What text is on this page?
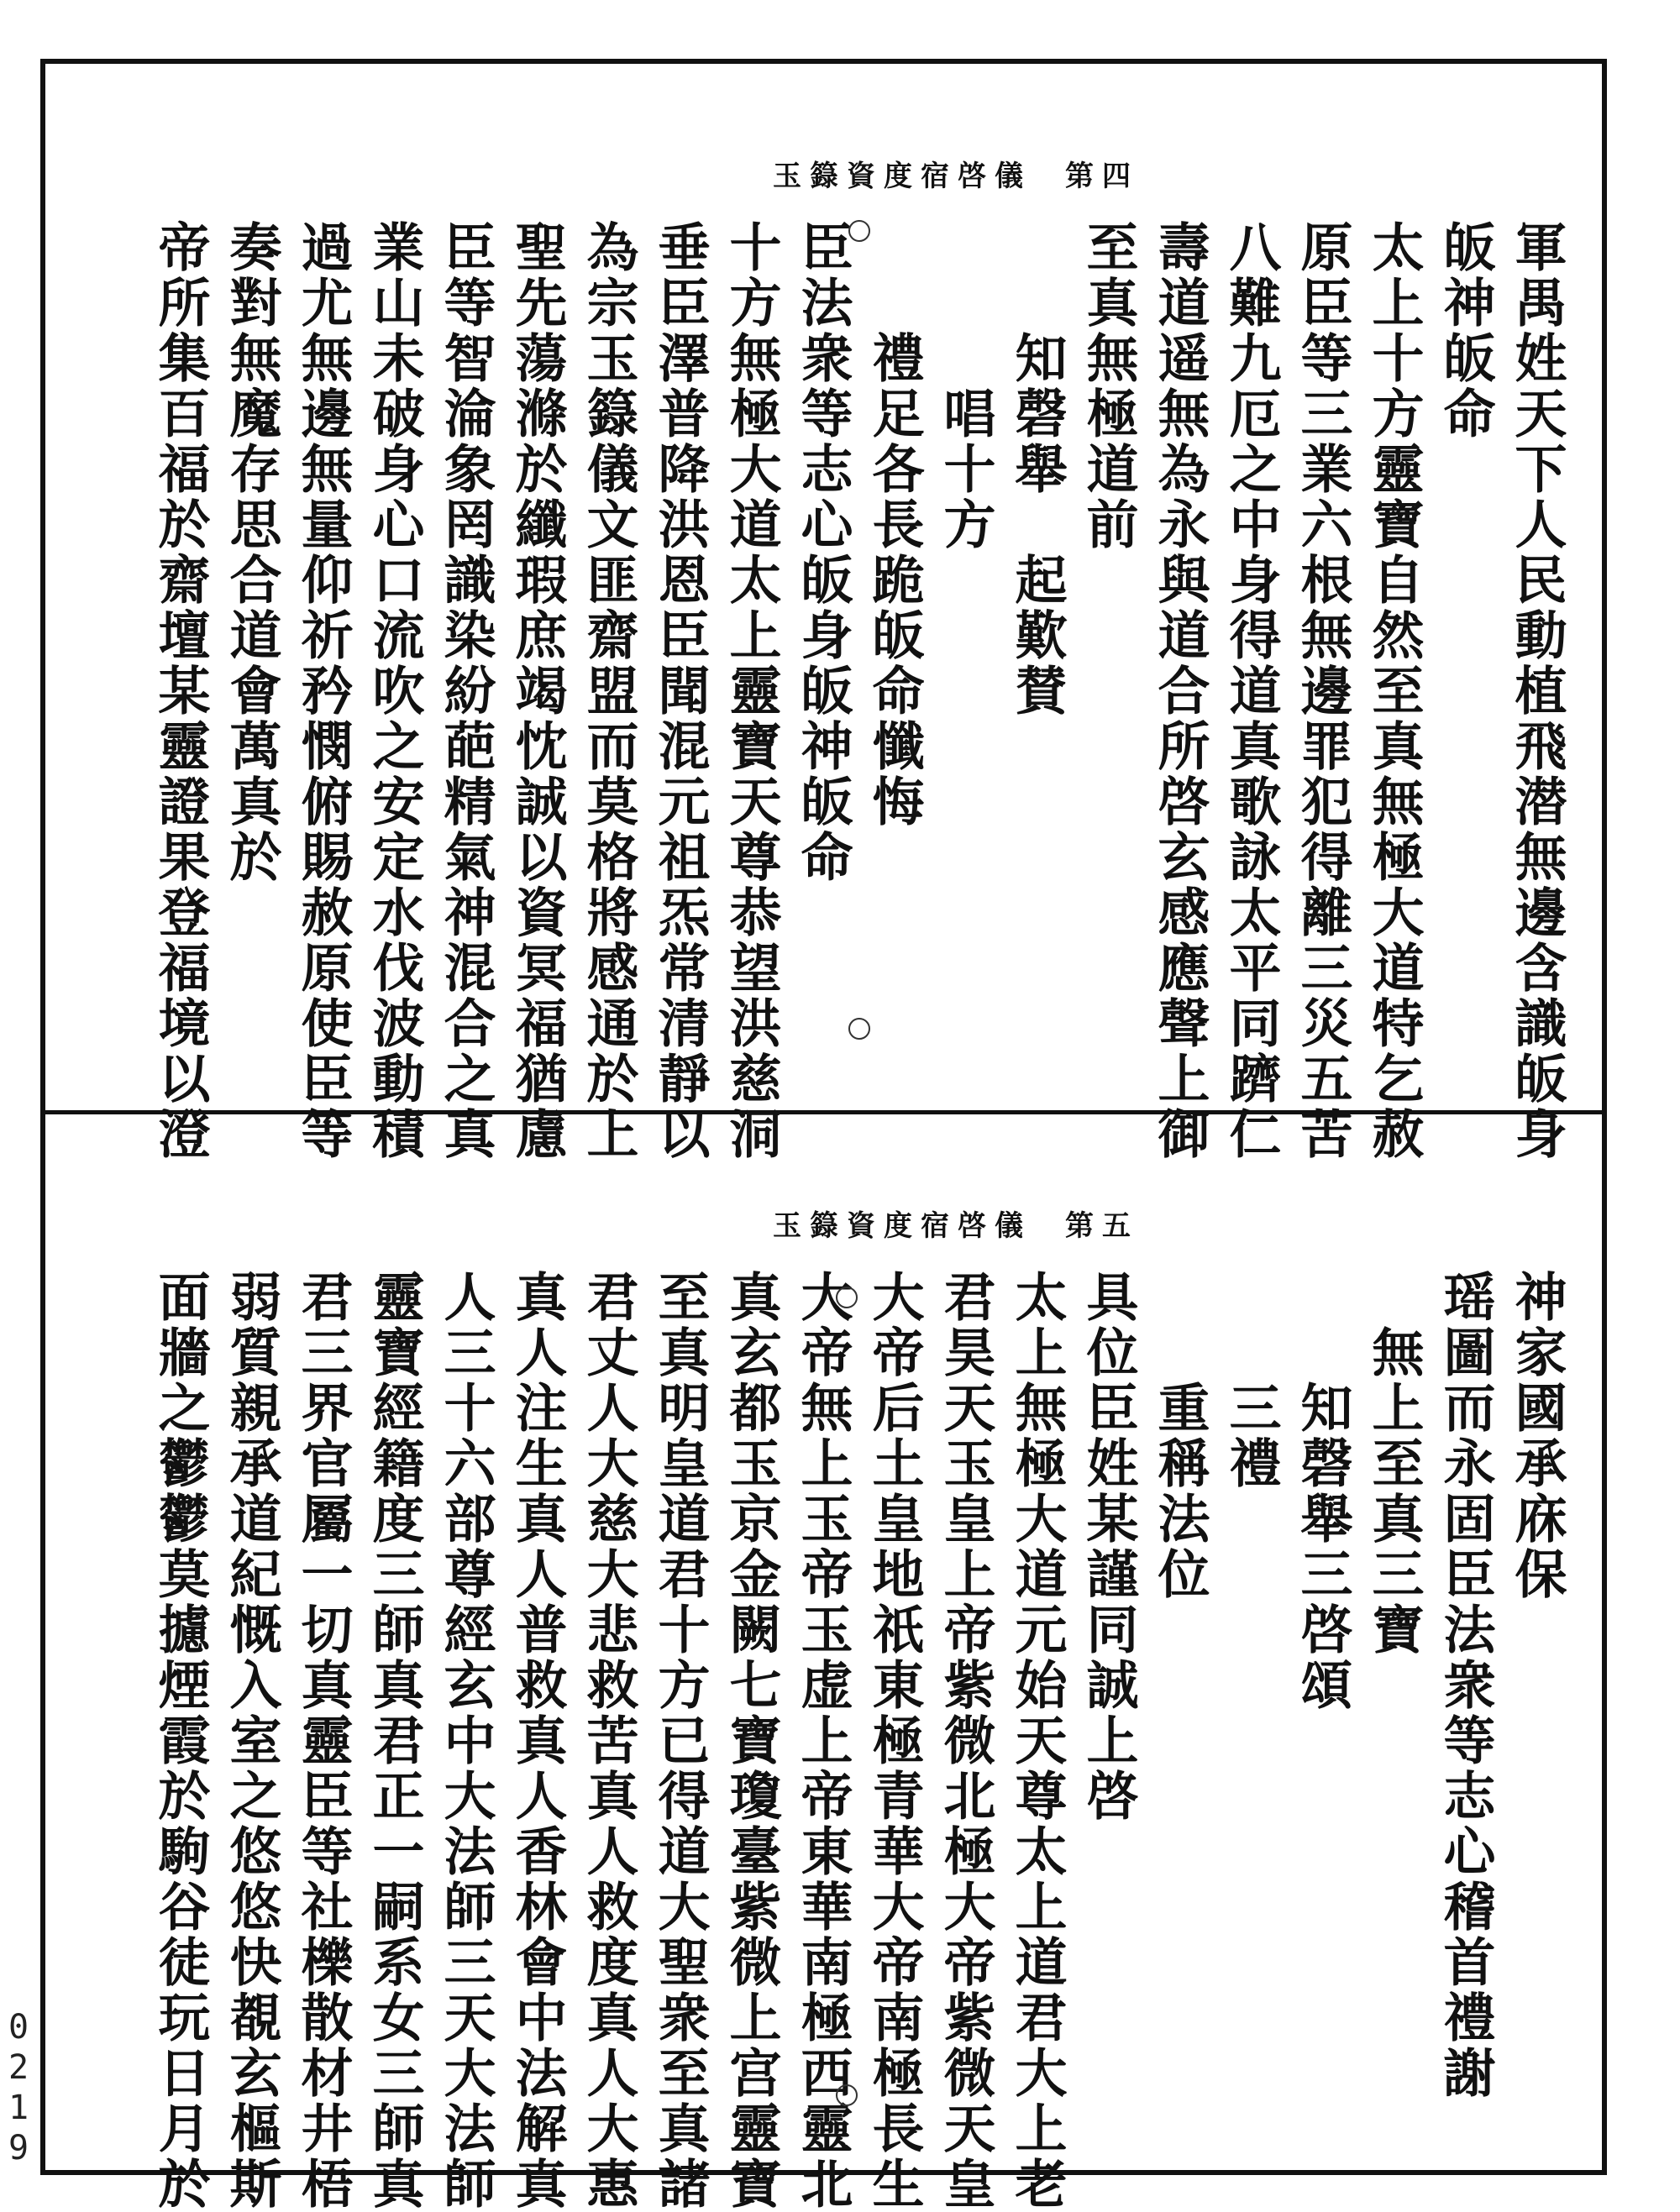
玉籙資度宿啓儀 第四
軍禺姓天下人民動植飛潜無邊含識皈身
皈神皈命
太上十方靈寶自然至真無極大道特乞赦
原臣等三業六根無邊罪犯得離三災五苦
八難九厄之中身得道真歌詠太平同躋仁
壽道遥無為永與道合所啓玄感應聲上御
至真無極道前
知磬舉　起歎賛
唱十方
禮足各長跪皈命懺悔
臣法衆等志心皈身皈神皈命
十方無極大道太上靈寶天尊恭望洪慈洞
垂臣澤普降洪恩臣聞混元祖炁常清靜以
為宗玉籙儀文匪齋盟而莫格將感通於上
聖先蕩滌於纖瑕庶竭忱誠以資冥福猶慮
臣等智淪象罔識染紛葩精氣神混合之真
業山未破身心口流吹之安定水伐波動積
過尤無邊無量仰祈矜憫俯賜赦原使臣等
奏對無魔存思合道會萬真於
帝所集百福於齋壇某靈證果登福境以澄
玉籙資度宿啓儀 第五
神家國承庥保
瑶圖而永固臣法衆等志心稽首禮謝
無上至真三寶
知磬舉三啓頌
三禮
重稱法位
具位臣姓某謹同誠上啓
太上無極大道元始天尊太上道君大上老
君昊天玉皇上帝紫微北極大帝紫微天皇
大帝后土皇地祇東極青華大帝南極長生
大帝無上玉帝玉虚上帝東華南極西靈北
真玄都玉京金闕七寶瓊臺紫微上宫靈寶
至真明皇道君十方已得道大聖衆至真諸
君丈人大慈大悲救苦真人救度真人大惠
真人注生真人普救真人香林會中法解真
人三十六部尊經玄中大法師三天大法師
靈寶經籍度三師真君正一嗣系女三師真
君三界官屬一切真靈臣等社櫟散材井梧
弱質親承道紀慨入室之悠悠快覩玄樞斯
面牆之鬱鬱莫攄煙霞於駒谷徒玩日月於
0
2
1
9
